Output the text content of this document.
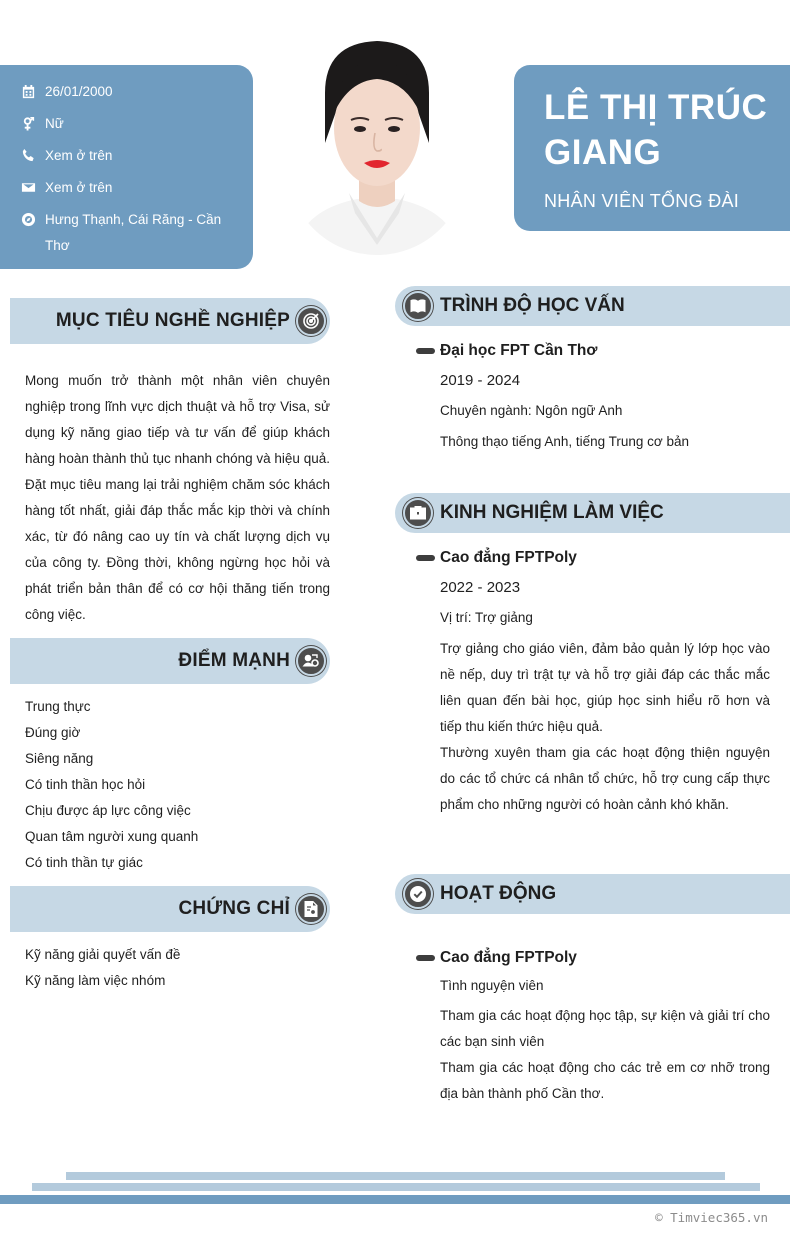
26/01/2000
Nữ
Xem ở trên
Xem ở trên
Hưng Thạnh, Cái Răng - Cần Thơ
LÊ THỊ TRÚC GIANG
NHÂN VIÊN TỔNG ĐÀI
MỤC TIÊU NGHỀ NGHIỆP
Mong muốn trở thành một nhân viên chuyên nghiệp trong lĩnh vực dịch thuật và hỗ trợ Visa, sử dụng kỹ năng giao tiếp và tư vấn để giúp khách hàng hoàn thành thủ tục nhanh chóng và hiệu quả. Đặt mục tiêu mang lại trải nghiệm chăm sóc khách hàng tốt nhất, giải đáp thắc mắc kịp thời và chính xác, từ đó nâng cao uy tín và chất lượng dịch vụ của công ty. Đồng thời, không ngừng học hỏi và phát triển bản thân để có cơ hội thăng tiến trong công việc.
ĐIỂM MẠNH
Trung thực
Đúng giờ
Siêng năng
Có tinh thần học hỏi
Chịu được áp lực công việc
Quan tâm người xung quanh
Có tinh thần tự giác
CHỨNG CHỈ
Kỹ năng giải quyết vấn đề
Kỹ năng làm việc nhóm
TRÌNH ĐỘ HỌC VẤN
Đại học FPT Cần Thơ
2019 - 2024
Chuyên ngành: Ngôn ngữ Anh
Thông thạo tiếng Anh, tiếng Trung cơ bản
KINH NGHIỆM LÀM VIỆC
Cao đẳng FPTPoly
2022 - 2023
Vị trí: Trợ giảng
Trợ giảng cho giáo viên, đảm bảo quản lý lớp học vào nề nếp, duy trì trật tự và hỗ trợ giải đáp các thắc mắc liên quan đến bài học, giúp học sinh hiểu rõ hơn và tiếp thu kiến thức hiệu quả.
Thường xuyên tham gia các hoạt động thiện nguyện do các tổ chức cá nhân tổ chức, hỗ trợ cung cấp thực phẩm cho những người có hoàn cảnh khó khăn.
HOẠT ĐỘNG
Cao đẳng FPTPoly
Tình nguyện viên
Tham gia các hoạt động học tập, sự kiện và giải trí cho các bạn sinh viên
Tham gia các hoạt động cho các trẻ em cơ nhỡ trong địa bàn thành phố Cần thơ.
© Timviec365.vn
